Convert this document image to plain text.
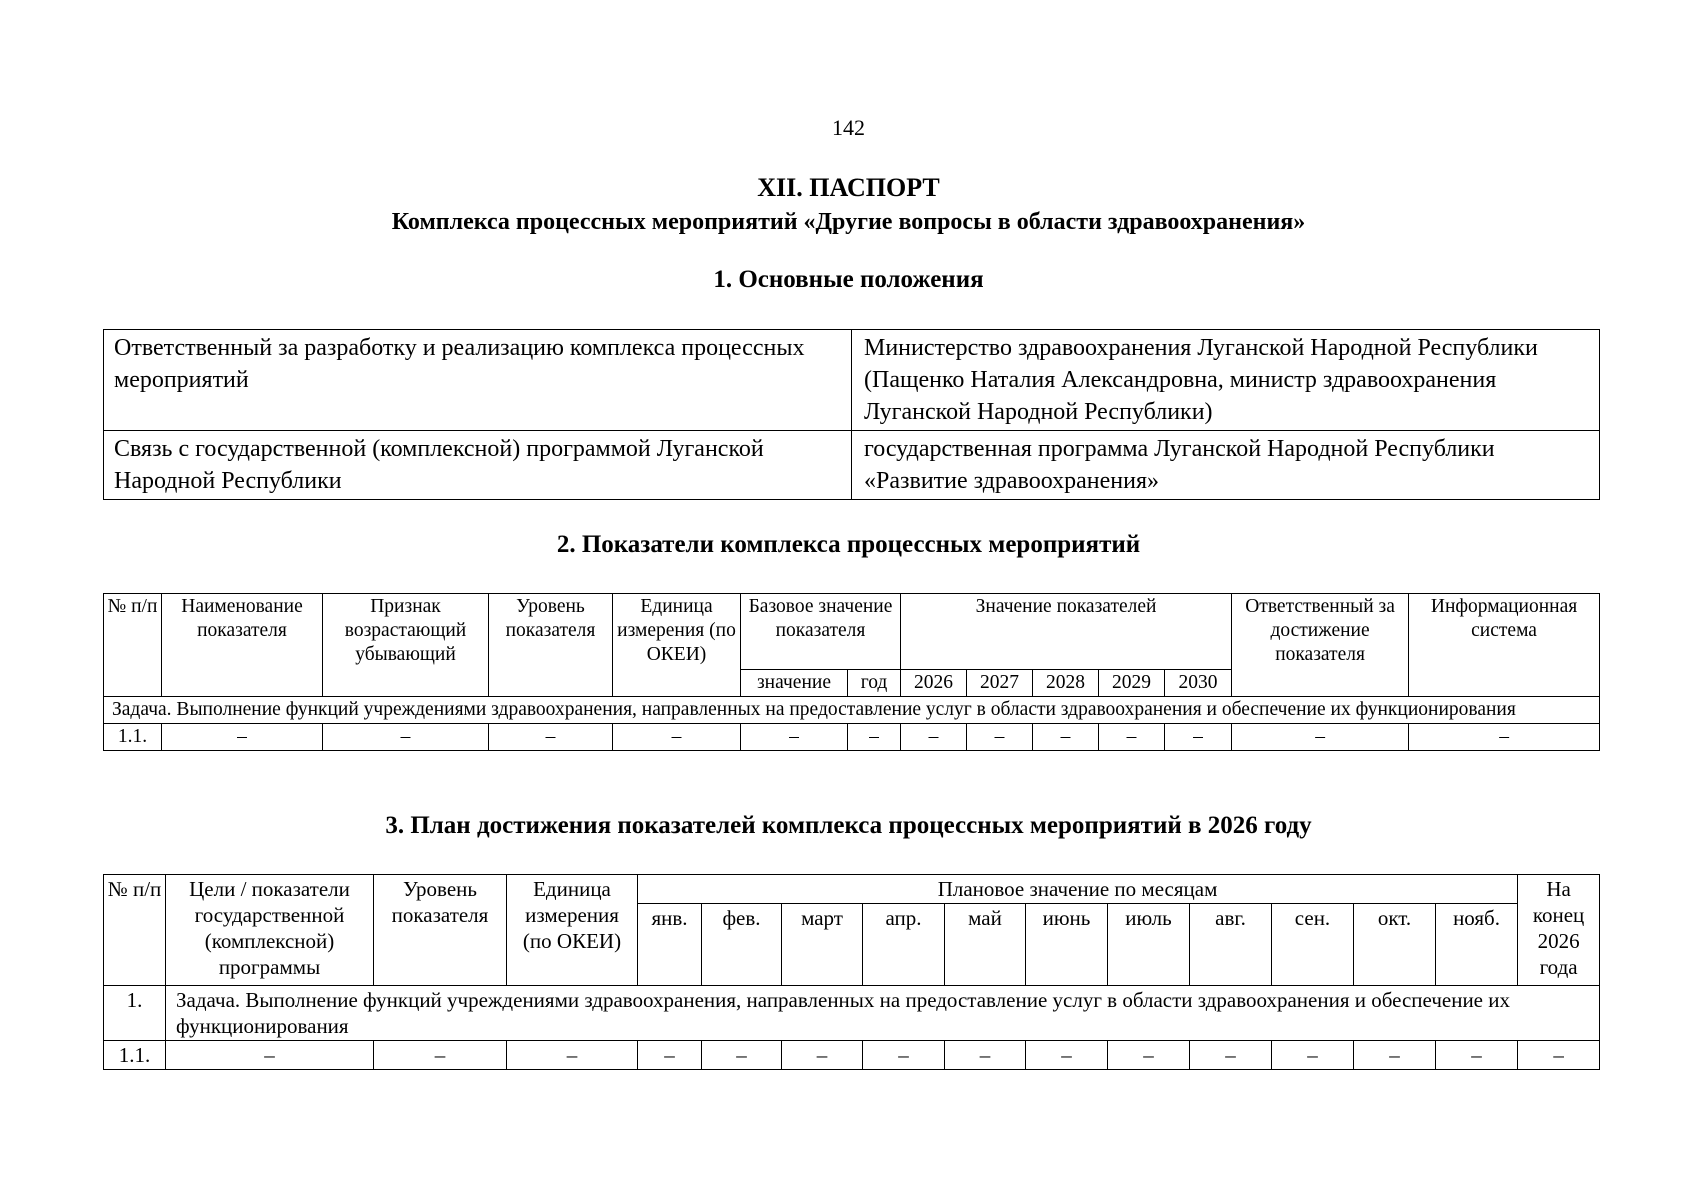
142
XII. ПАСПОРТ
Комплекса процессных мероприятий «Другие вопросы в области здравоохранения»
1. Основные положения
Ответственный за разработку и реализацию комплекса процессных мероприятий	Министерство здравоохранения Луганской Народной Республики (Пащенко Наталия Александровна, министр здравоохранения Луганской Народной Республики)
Связь с государственной (комплексной) программой Луганской Народной Республики	государственная программа Луганской Народной Республики «Развитие здравоохранения»
2. Показатели комплекса процессных мероприятий
№ п/п	Наименование показателя	Признак возрастающий убывающий	Уровень показателя	Единица измерения (по ОКЕИ)	Базовое значение показателя		Значение показателей					Ответственный за достижение показателя	Информационная система
					значение	год	2026	2027	2028	2029	2030		
Задача. Выполнение функций учреждениями здравоохранения, направленных на предоставление услуг в области здравоохранения и обеспечение их функционирования													
1.1.	–	–	–	–	–	–	–	–	–	–	–	–	–
3. План достижения показателей комплекса процессных мероприятий в 2026 году
№ п/п	Цели / показатели государственной (комплексной) программы	Уровень показателя	Единица измерения (по ОКЕИ)	Плановое значение по месяцам											На конец 2026 года
				янв.	фев.	март	апр.	май	июнь	июль	авг.	сен.	окт.	нояб.	
1.	Задача. Выполнение функций учреждениями здравоохранения, направленных на предоставление услуг в области здравоохранения и обеспечение их функционирования														
1.1.	–	–	–	–	–	–	–	–	–	–	–	–	–	–	–
